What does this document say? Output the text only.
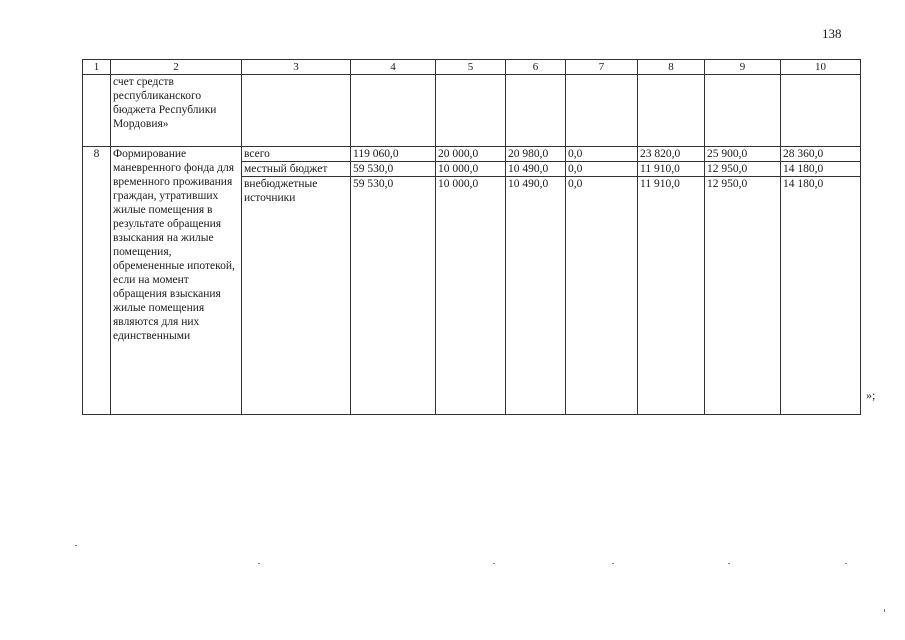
138
1	2	3	4	5	6	7	8	9	10
	счет средств республиканского бюджета Республики Мордовия»								
8	Формирование маневренного фонда для временного проживания граждан, утративших жилые помещения в результате обращения взыскания на жилые помещения, обремененные ипотекой, если на момент обращения взыскания жилые помещения являются для них единственными	всего	119 060,0	20 000,0	20 980,0	0,0	23 820,0	25 900,0	28 360,0
		местный бюджет	59 530,0	10 000,0	10 490,0	0,0	11 910,0	12 950,0	14 180,0
		внебюджетные источники	59 530,0	10 000,0	10 490,0	0,0	11 910,0	12 950,0	14 180,0
»;
